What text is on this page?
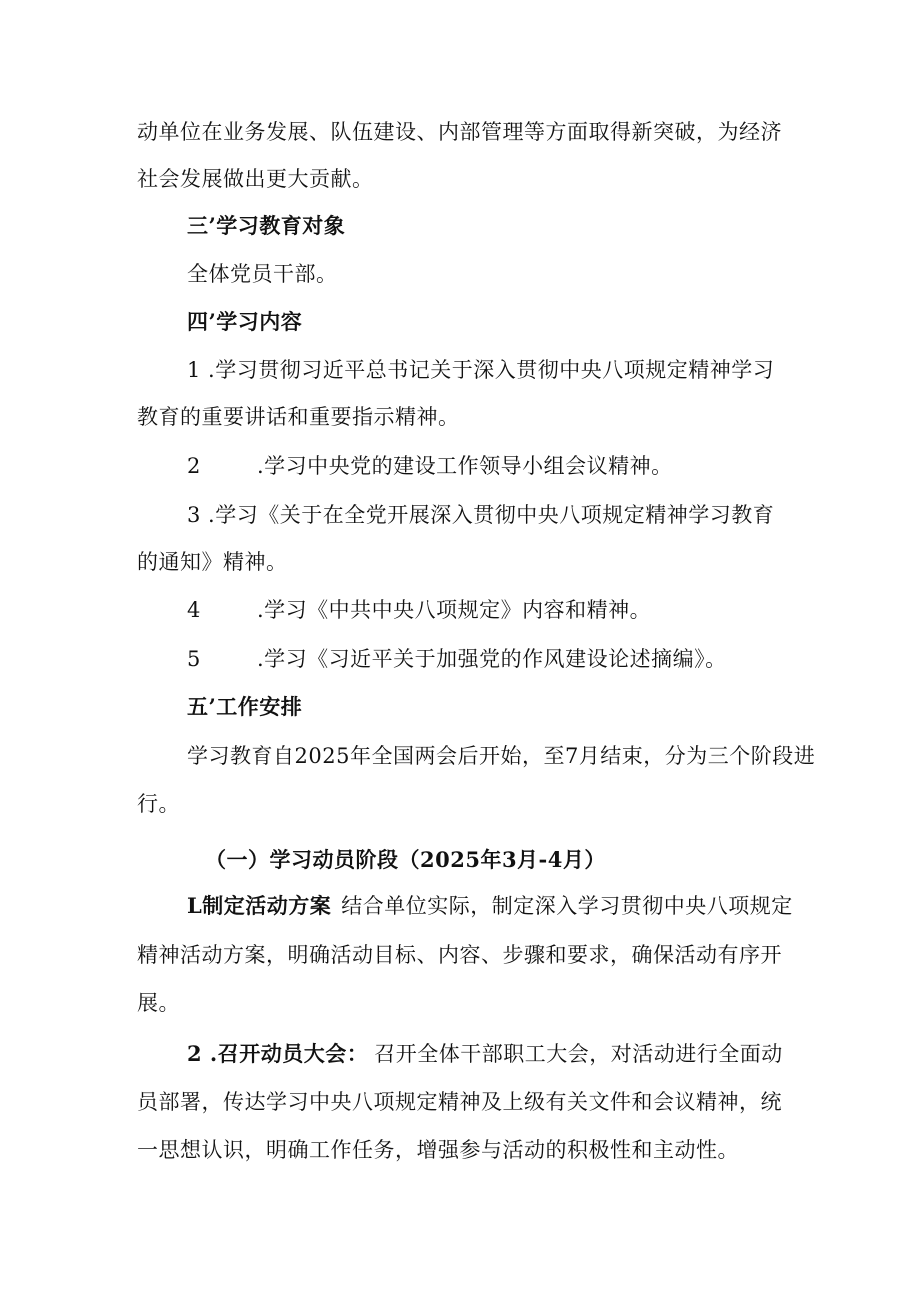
动单位在业务发展、队伍建设、内部管理等方面取得新突破，为经济
社会发展做出更大贡献。
三’学习教育对象
全体党员干部。
四’学习内容
1 .学习贯彻习近平总书记关于深入贯彻中央八项规定精神学习
教育的重要讲话和重要指示精神。
2	.学习中央党的建设工作领导小组会议精神。
3 .学习《关于在全党开展深入贯彻中央八项规定精神学习教育
的通知》精神。
4	.学习《中共中央八项规定》内容和精神。
5	.学习《习近平关于加强党的作风建设论述摘编》。
五’工作安排
学习教育自2025年全国两会后开始，至7月结束，分为三个阶段进
行。
（一）学习动员阶段（2025年3月-4月）
L制定活动方案 结合单位实际，制定深入学习贯彻中央八项规定
精神活动方案，明确活动目标、内容、步骤和要求，确保活动有序开
展。
2 .召开动员大会： 召开全体干部职工大会，对活动进行全面动
员部署，传达学习中央八项规定精神及上级有关文件和会议精神，统
一思想认识，明确工作任务，增强参与活动的积极性和主动性。
